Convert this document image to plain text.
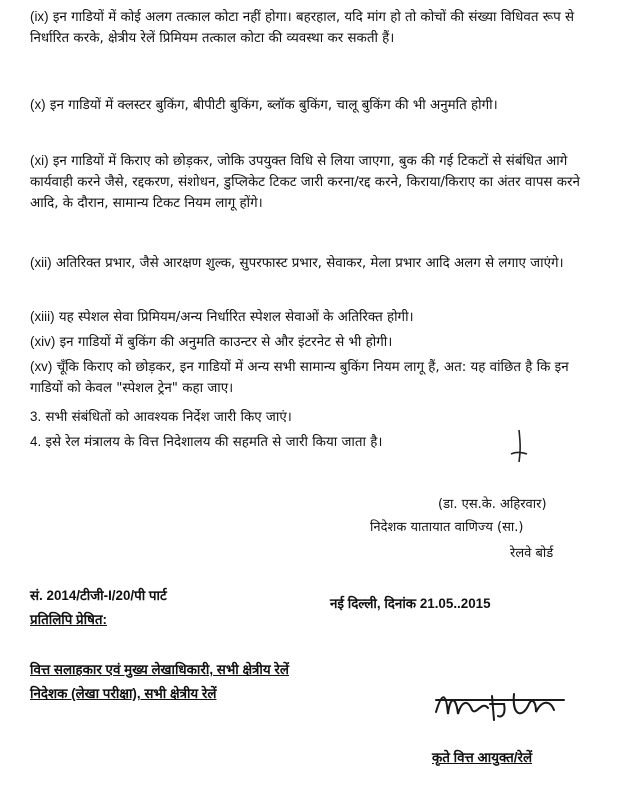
(ix) इन गाडियों में कोई अलग तत्काल कोटा नहीं होगा। बहरहाल, यदि मांग हो तो कोचों की संख्या विधिवत रूप से निर्धारित करके, क्षेत्रीय रेलें प्रिमियम तत्काल कोटा की व्यवस्था कर सकती हैं।

(x) इन गाडियों में क्लस्टर बुकिंग, बीपीटी बुकिंग, ब्लॉक बुकिंग, चालू बुकिंग की भी अनुमति होगी।

(xi) इन गाडियों में किराए को छोड़कर, जोकि उपयुक्त विधि से लिया जाएगा, बुक की गई टिकटों से संबंधित आगे कार्यवाही करने जैसे, रद्दकरण, संशोधन, डुप्लिकेट टिकट जारी करना/रद्द करने, किराया/किराए का अंतर वापस करने आदि, के दौरान, सामान्य टिकट नियम लागू होंगे।

(xii) अतिरिक्त प्रभार, जैसे आरक्षण शुल्क, सुपरफास्ट प्रभार, सेवाकर, मेला प्रभार आदि अलग से लगाए जाएंगे।

(xiii) यह स्पेशल सेवा प्रिमियम/अन्य निर्धारित स्पेशल सेवाओं के अतिरिक्त होगी।

(xiv) इन गाडियों में बुकिंग की अनुमति काउन्टर से और इंटरनेट से भी होगी।

(xv) चूँकि किराए को छोड़कर, इन गाडियों में अन्य सभी सामान्य बुकिंग नियम लागू हैं, अत: यह वांछित है कि इन गाडियों को केवल "स्पेशल ट्रेन" कहा जाए।

3. सभी संबंधितों को आवश्यक निर्देश जारी किए जाएं।

4. इसे रेल मंत्रालय के वित्त निदेशालय की सहमति से जारी किया जाता है।

(डा. एस.के. अहिरवार)
निदेशक यातायात वाणिज्य (सा.)
रेलवे बोर्ड
सं. 2014/टीजी-I/20/पी पार्ट
नई दिल्ली, दिनांक 21.05..2015
प्रतिलिपि प्रेषित:
वित्त सलाहकार एवं मुख्य लेखाधिकारी, सभी क्षेत्रीय रेलें
निदेशक (लेखा परीक्षा), सभी क्षेत्रीय रेलें
कृते वित्त आयुक्त/रेलें
